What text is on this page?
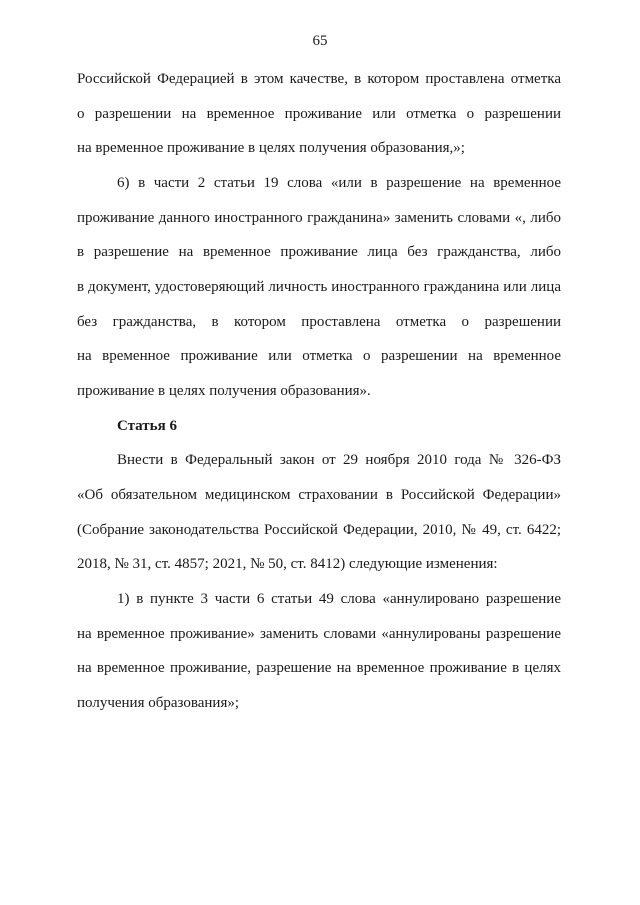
65
Российской Федерацией в этом качестве, в котором проставлена отметка
о разрешении на временное проживание или отметка о разрешении
на временное проживание в целях получения образования,»;
6) в части 2 статьи 19 слова «или в разрешение на временное
проживание данного иностранного гражданина» заменить словами «, либо
в разрешение на временное проживание лица без гражданства, либо
в документ, удостоверяющий личность иностранного гражданина или лица
без гражданства, в котором проставлена отметка о разрешении
на временное проживание или отметка о разрешении на временное
проживание в целях получения образования».
Статья 6
Внести в Федеральный закон от 29 ноября 2010 года № 326-ФЗ
«Об обязательном медицинском страховании в Российской Федерации»
(Собрание законодательства Российской Федерации, 2010, № 49, ст. 6422;
2018, № 31, ст. 4857; 2021, № 50, ст. 8412) следующие изменения:
1) в пункте 3 части 6 статьи 49 слова «аннулировано разрешение
на временное проживание» заменить словами «аннулированы разрешение
на временное проживание, разрешение на временное проживание в целях
получения образования»;
